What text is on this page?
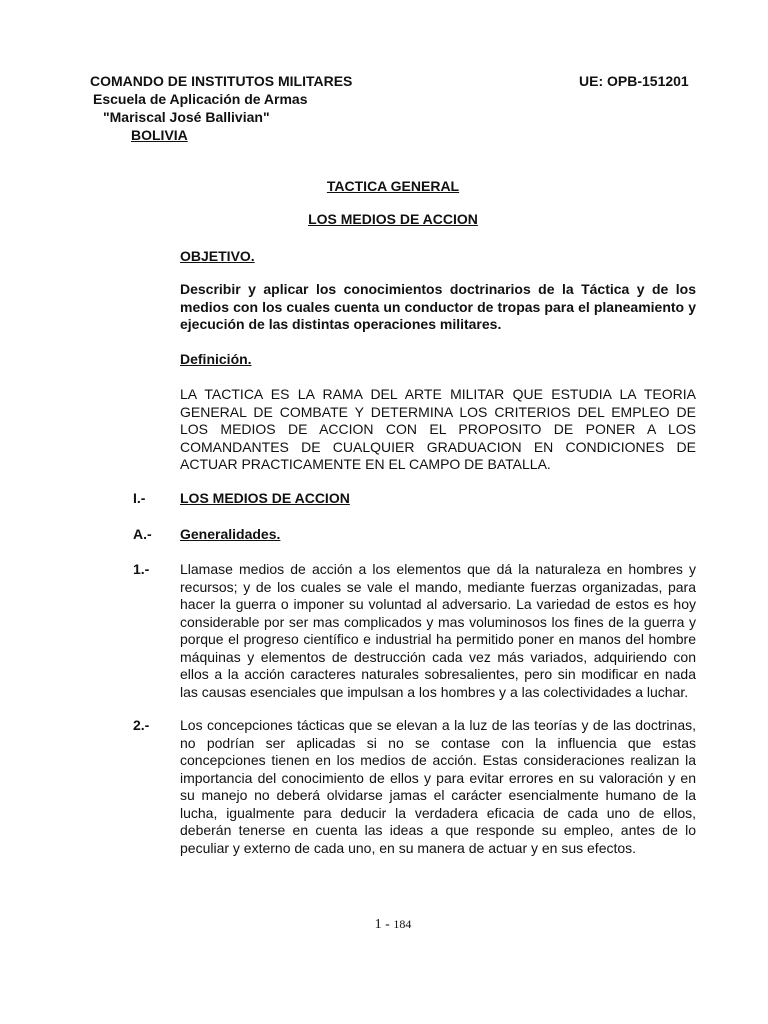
COMANDO DE INSTITUTOS MILITARES
Escuela de Aplicación de Armas
"Mariscal José Ballivian"
BOLIVIA
UE: OPB-151201
TACTICA GENERAL
LOS MEDIOS DE ACCION
OBJETIVO.
Describir y aplicar los conocimientos doctrinarios de la Táctica y de los medios con los cuales cuenta un conductor de tropas para el planeamiento y ejecución de las distintas operaciones militares.
Definición.
LA TACTICA ES LA RAMA DEL ARTE MILITAR QUE ESTUDIA LA TEORIA GENERAL DE COMBATE Y DETERMINA LOS CRITERIOS DEL EMPLEO DE LOS MEDIOS DE ACCION CON EL PROPOSITO DE PONER A LOS COMANDANTES DE CUALQUIER GRADUACION EN CONDICIONES DE ACTUAR PRACTICAMENTE EN EL CAMPO DE BATALLA.
I.- LOS MEDIOS DE ACCION
A.- Generalidades.
1.- Llamase medios de acción a los elementos que dá la naturaleza en hombres y recursos; y de los cuales se vale el mando, mediante fuerzas organizadas, para hacer la guerra o imponer su voluntad al adversario. La variedad de estos es hoy considerable por ser mas complicados y mas voluminosos los fines de la guerra y porque el progreso científico e industrial ha permitido poner en manos del hombre máquinas y elementos de destrucción cada vez más variados, adquiriendo con ellos a la acción caracteres naturales sobresalientes, pero sin modificar en nada las causas esenciales que impulsan a los hombres y a las colectividades a luchar.
2.- Los concepciones tácticas que se elevan a la luz de las teorías y de las doctrinas, no podrían ser aplicadas si no se contase con la influencia que estas concepciones tienen en los medios de acción. Estas consideraciones realizan la importancia del conocimiento de ellos y para evitar errores en su valoración y en su manejo no deberá olvidarse jamas el carácter esencialmente humano de la lucha, igualmente para deducir la verdadera eficacia de cada uno de ellos, deberán tenerse en cuenta las ideas a que responde su empleo, antes de lo peculiar y externo de cada uno, en su manera de actuar y en sus efectos.
1 - 184
